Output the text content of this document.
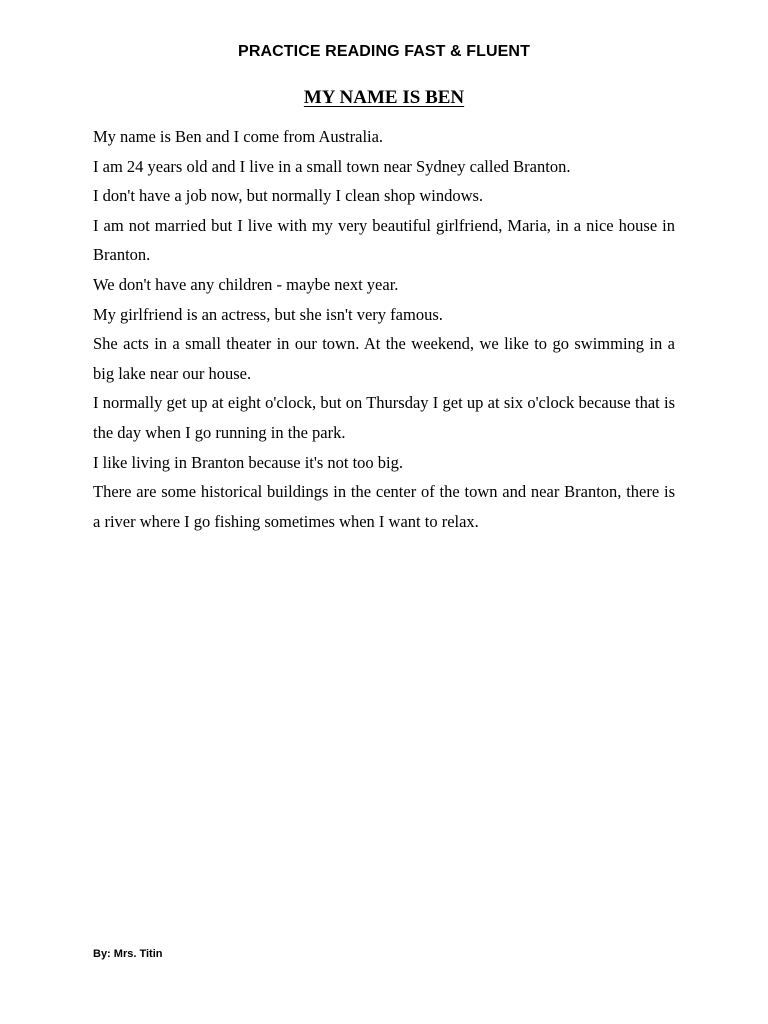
PRACTICE READING FAST & FLUENT
MY NAME IS BEN

My name is Ben and I come from Australia.

I am 24 years old and I live in a small town near Sydney called Branton.

I don't have a job now, but normally I clean shop windows.

I am not married but I live with my very beautiful girlfriend, Maria, in a nice house in Branton.

We don't have any children - maybe next year.

My girlfriend is an actress, but she isn't very famous.

She acts in a small theater in our town. At the weekend, we like to go swimming in a big lake near our house.

I normally get up at eight o'clock, but on Thursday I get up at six o'clock because that is the day when I go running in the park.

I like living in Branton because it's not too big.

There are some historical buildings in the center of the town and near Branton, there is a river where I go fishing sometimes when I want to relax.

By: Mrs. Titin
